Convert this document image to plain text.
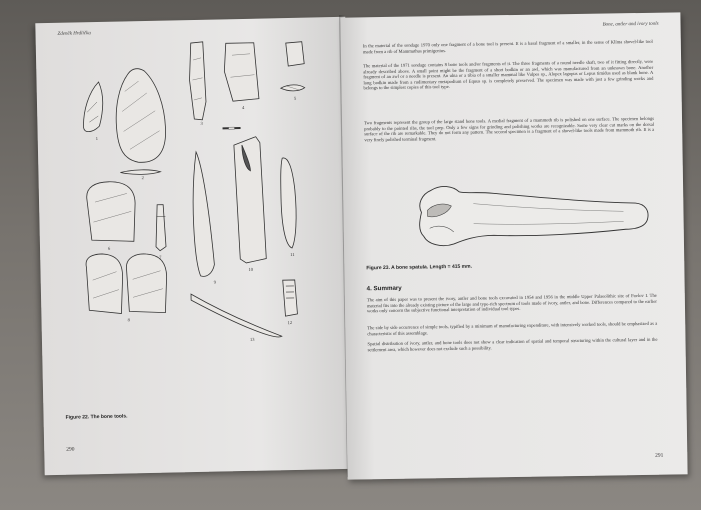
Zdeněk Hrdlička
1
2
3
4
5
6
7
8
9
10
11
12
13
Figure 22. The bone tools.
290
Bone, antler and ivory tools

In the material of the sondage 1970 only one fragment of a bone tool is present. It is a basal fragment of a smaller, in the sense of Klíma shovel-like tool made from a rib of Mammuthus primigenius.

The material of the 1971 sondage contains 8 bone tools and/or fragments of it. The three fragments of a round needle shaft, two of it fitting directly, were already described above. A small point might be the fragment of a short bodkin or an awl, which was manufactured from an unknown bone. Another fragment of an awl or a needle is present. An ulna or a tibia of a smaller mammal like Vulpes sp., Alopex lagopus or Lepus timidus used as blank bone. A long bodkin made from a rudimentary metapodium of Equus sp. is completely preserved. The specimen was made with just a few grinding works and belongs to the simplest copies of this tool type.

Two fragments represent the group of the large stand bone tools. A medial fragment of a mammoth rib is polished on one surface. The specimen belongs probably to the pointed ribs, the tool prep. Only a few signs for grinding and polishing works are recognizable. Some very clear cut marks on the dorsal surface of the rib are remarkable. They do not form any pattern. The second specimen is a fragment of a shovel-like tools made from mammoth rib. It is a very finely polished terminal fragment.

Figure 23. A bone spatula. Length = 415 mm.
4. Summary

The aim of this paper was to present the ivory, antler and bone tools excavated in 1954 and 1956 in the middle Upper Palaeolithic site of Pavlov I. The material fits into the already existing picture of the large and type-rich spectrum of tools made of ivory, antler, and bone. Differences compared to the earlier works only concern the subjective functional interpretation of individual tool types.

The side by side occurrence of simple tools, typified by a minimum of manufacturing expenditure, with intensively worked tools, should be emphasized as a characteristic of this assemblage.

Spatial distribution of ivory, antler, and bone tools does not show a clear indication of spatial and temporal structuring within the cultural layer and in the settlement area, which however does not exclude such a possibility.

291
